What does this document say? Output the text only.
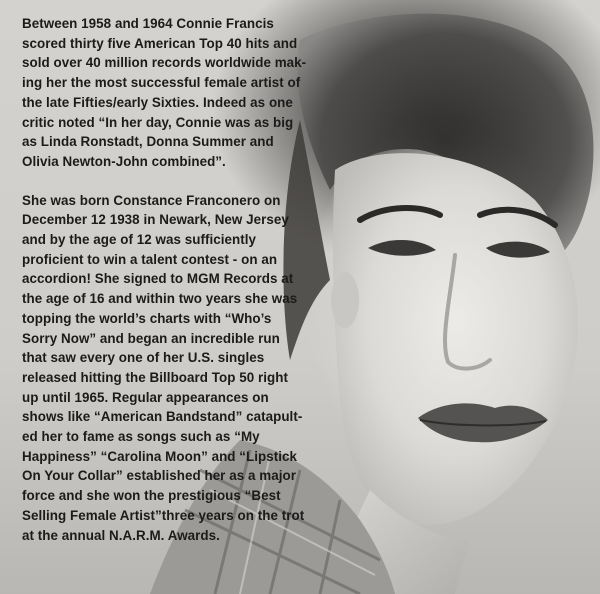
Between 1958 and 1964 Connie Francis
scored thirty five American Top 40 hits and
sold over 40 million records worldwide mak-
ing her the most successful female artist of
the late Fifties/early Sixties. Indeed as one
critic noted “In her day, Connie was as big
as Linda Ronstadt, Donna Summer and
Olivia Newton-John combined”.

She was born Constance Franconero on
December 12 1938 in Newark, New Jersey
and by the age of 12 was sufficiently
proficient to win a talent contest - on an
accordion! She signed to MGM Records at
the age of 16 and within two years she was
topping the world’s charts with “Who’s
Sorry Now” and began an incredible run
that saw every one of her U.S. singles
released hitting the Billboard Top 50 right
up until 1965. Regular appearances on
shows like “American Bandstand” catapult-
ed her to fame as songs such as “My
Happiness” “Carolina Moon” and “Lipstick
On Your Collar” established her as a major
force and she won the prestigious “Best
Selling Female Artist”three years on the trot
at the annual N.A.R.M. Awards.
